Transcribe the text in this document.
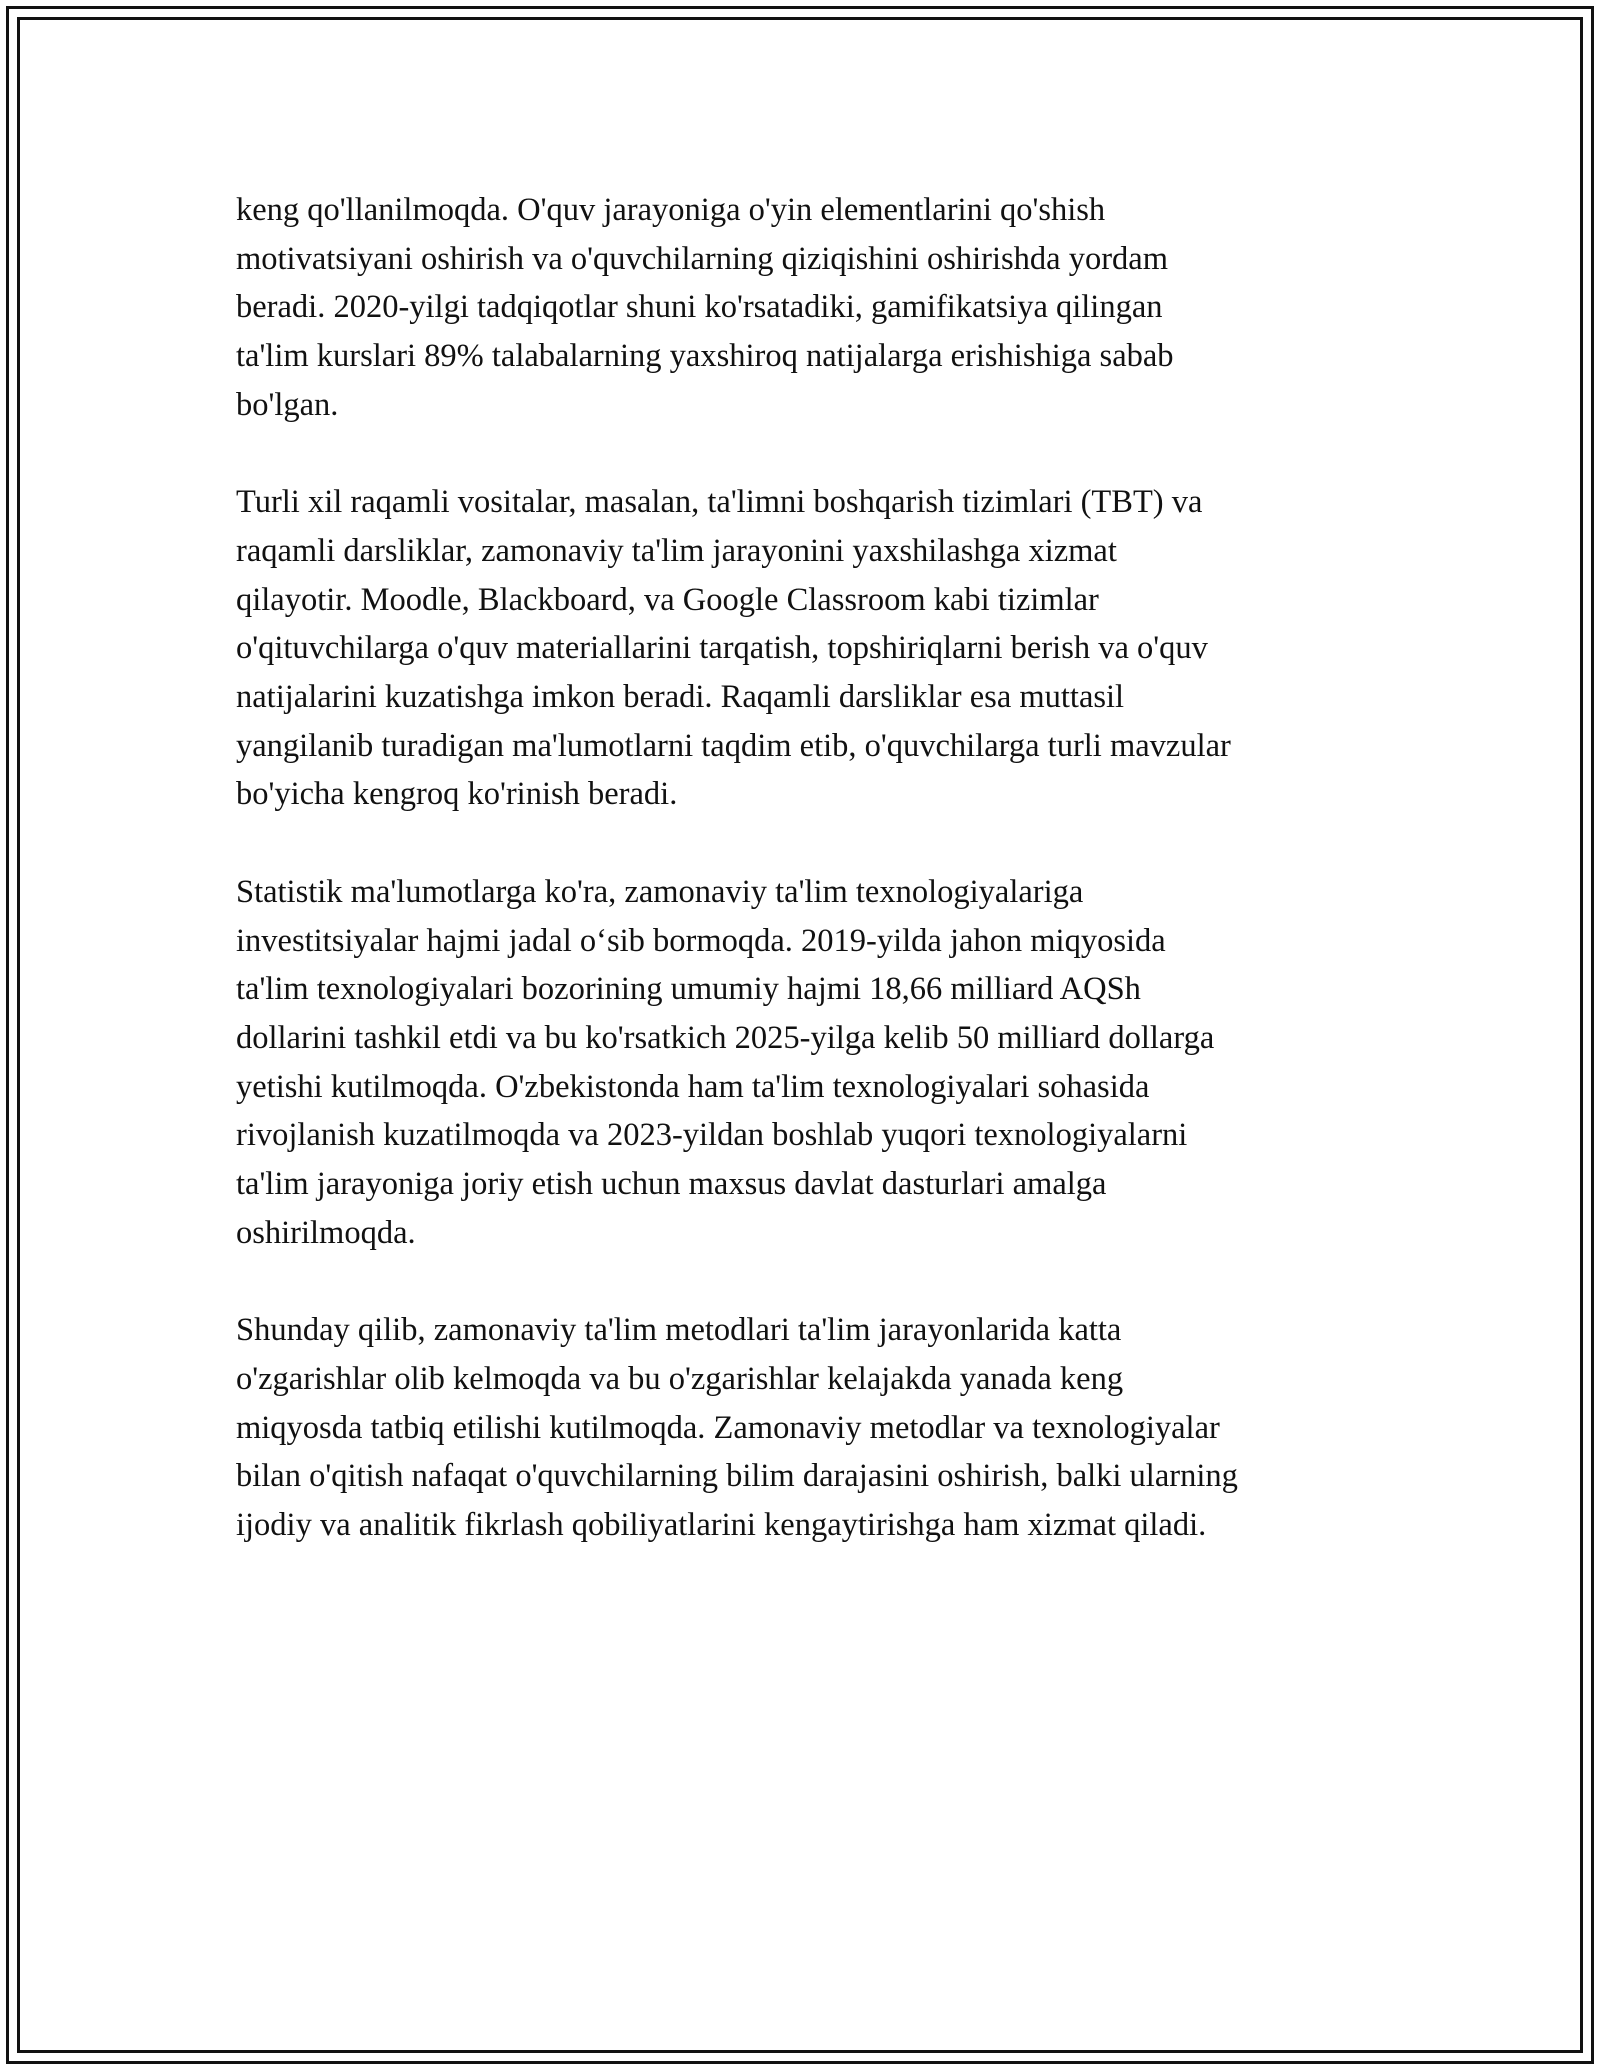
keng qo'llanilmoqda. O'quv jarayoniga o'yin elementlarini qo'shish
motivatsiyani oshirish va o'quvchilarning qiziqishini oshirishda yordam
beradi. 2020-yilgi tadqiqotlar shuni ko'rsatadiki, gamifikatsiya qilingan
ta'lim kurslari 89% talabalarning yaxshiroq natijalarga erishishiga sabab
bo'lgan.
Turli xil raqamli vositalar, masalan, ta'limni boshqarish tizimlari (TBT) va
raqamli darsliklar, zamonaviy ta'lim jarayonini yaxshilashga xizmat
qilayotir. Moodle, Blackboard, va Google Classroom kabi tizimlar
o'qituvchilarga o'quv materiallarini tarqatish, topshiriqlarni berish va o'quv
natijalarini kuzatishga imkon beradi. Raqamli darsliklar esa muttasil
yangilanib turadigan ma'lumotlarni taqdim etib, o'quvchilarga turli mavzular
bo'yicha kengroq ko'rinish beradi.
Statistik ma'lumotlarga ko'ra, zamonaviy ta'lim texnologiyalariga
investitsiyalar hajmi jadal oʻsib bormoqda. 2019-yilda jahon miqyosida
ta'lim texnologiyalari bozorining umumiy hajmi 18,66 milliard AQSh
dollarini tashkil etdi va bu ko'rsatkich 2025-yilga kelib 50 milliard dollarga
yetishi kutilmoqda. O'zbekistonda ham ta'lim texnologiyalari sohasida
rivojlanish kuzatilmoqda va 2023-yildan boshlab yuqori texnologiyalarni
ta'lim jarayoniga joriy etish uchun maxsus davlat dasturlari amalga
oshirilmoqda.
Shunday qilib, zamonaviy ta'lim metodlari ta'lim jarayonlarida katta
o'zgarishlar olib kelmoqda va bu o'zgarishlar kelajakda yanada keng
miqyosda tatbiq etilishi kutilmoqda. Zamonaviy metodlar va texnologiyalar
bilan o'qitish nafaqat o'quvchilarning bilim darajasini oshirish, balki ularning
ijodiy va analitik fikrlash qobiliyatlarini kengaytirishga ham xizmat qiladi.
